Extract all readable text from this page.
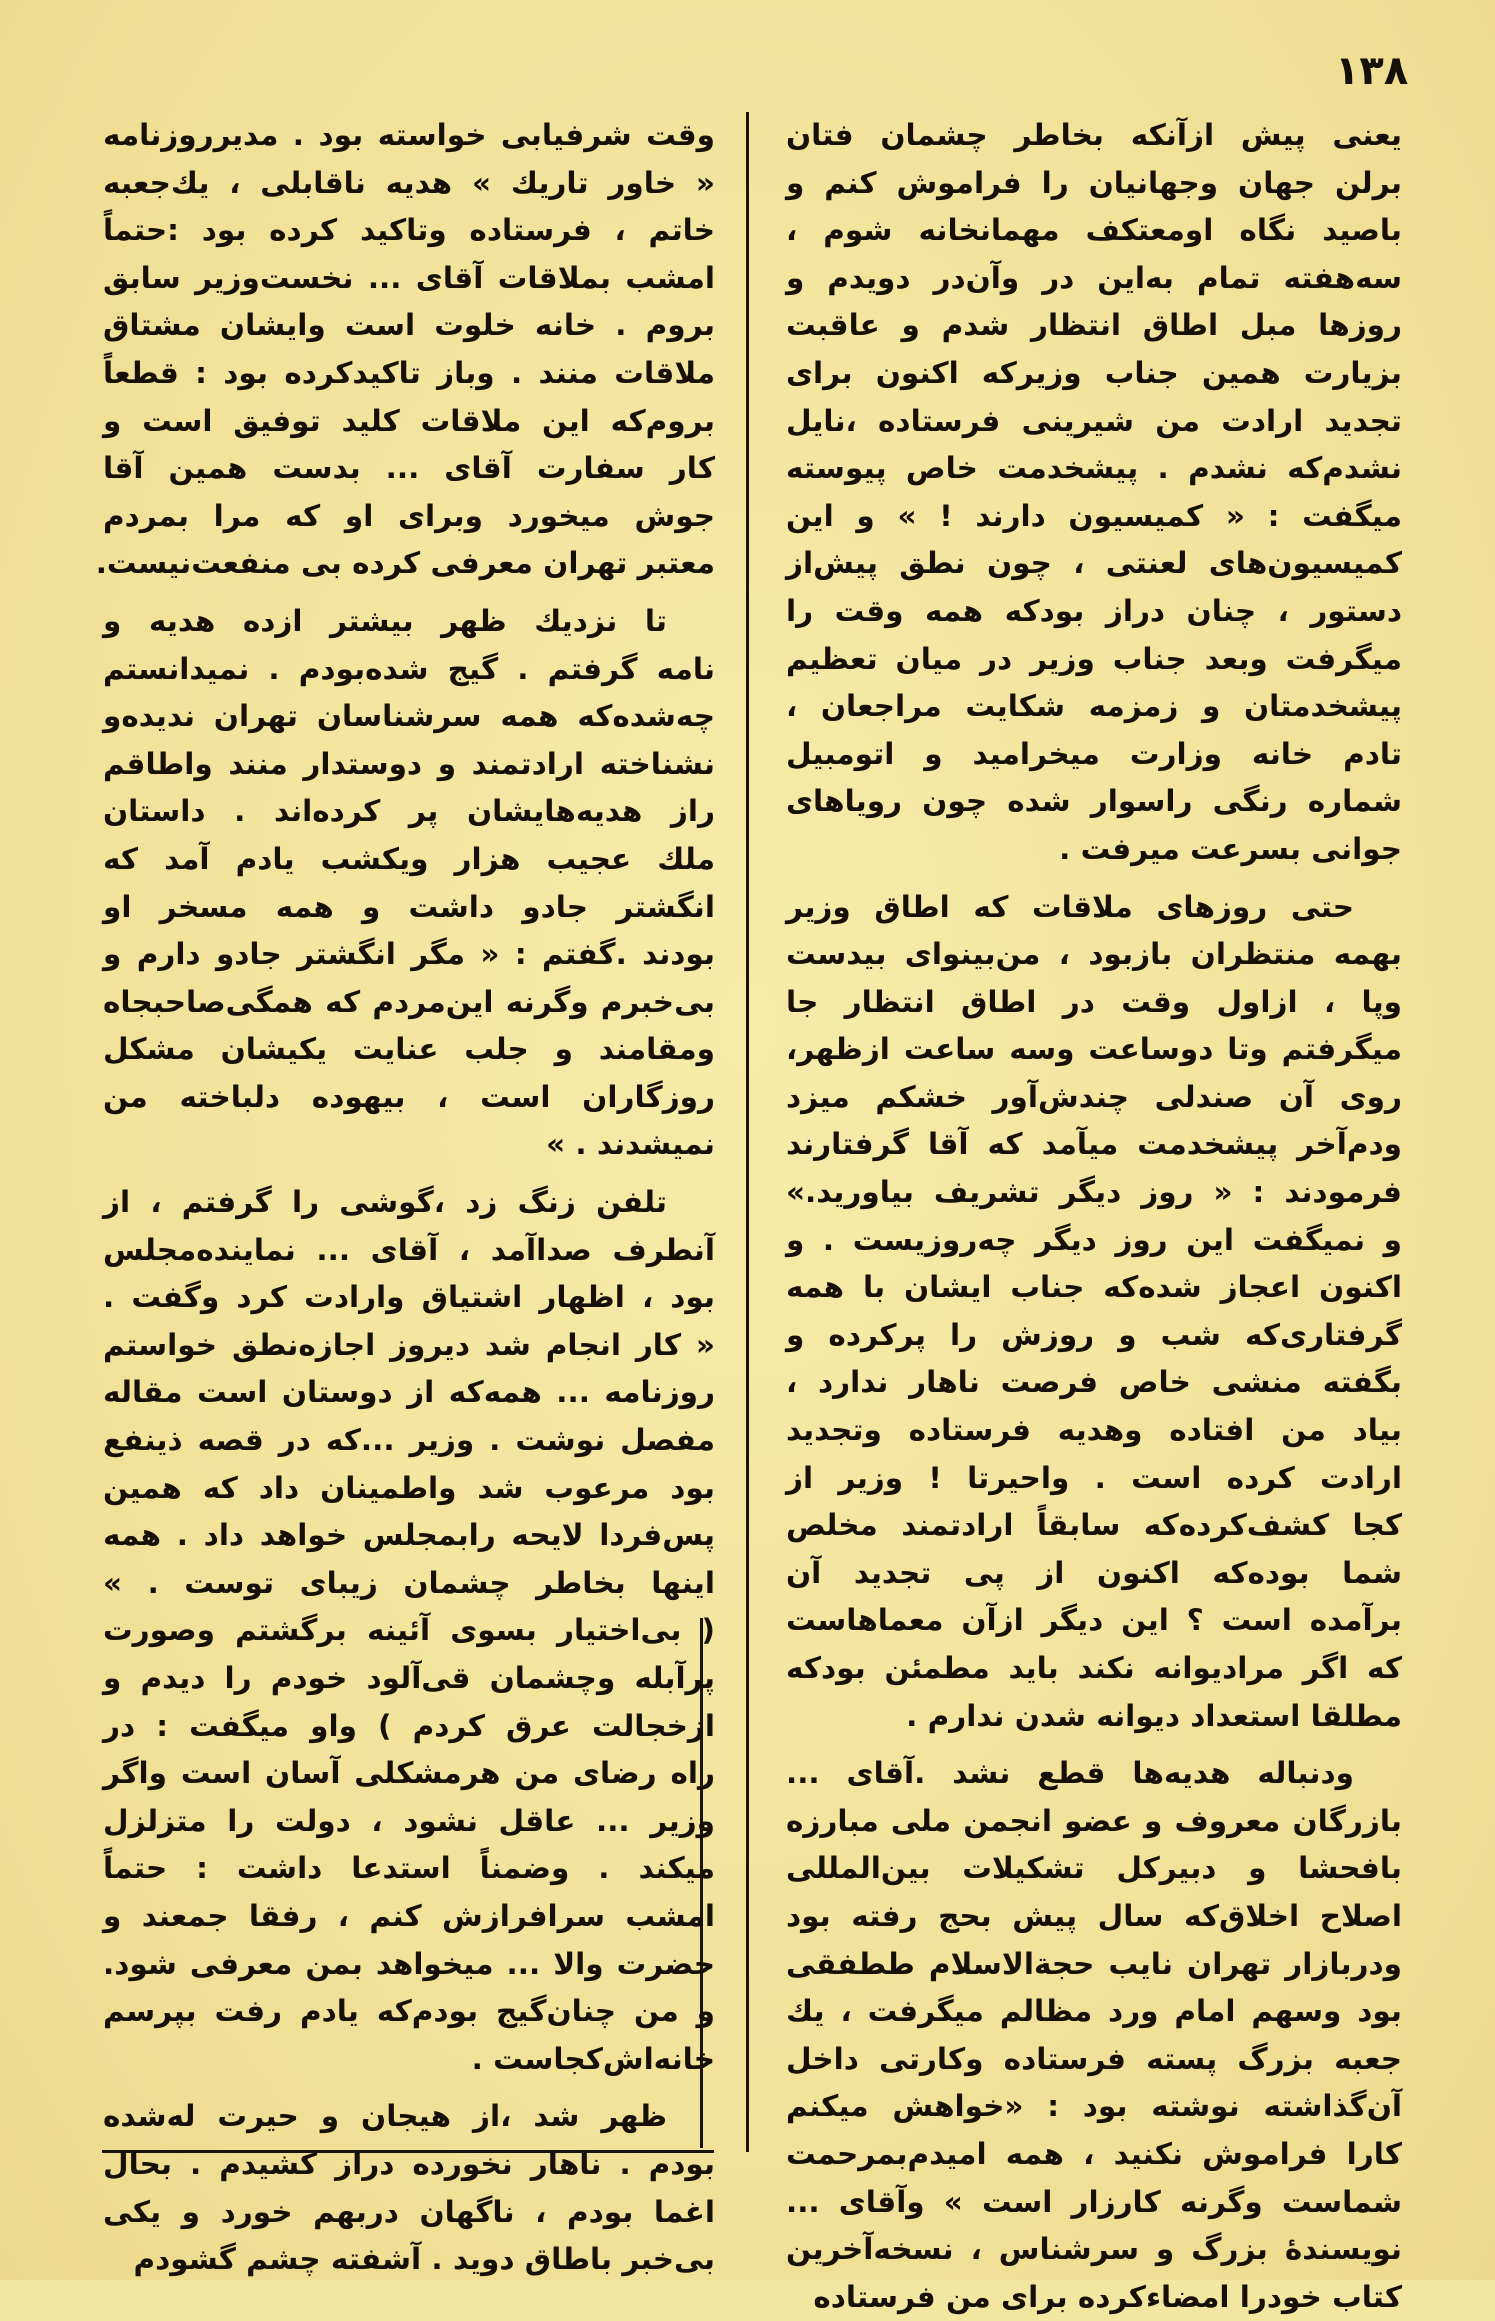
۱۳۸

یعنی پیش ازآنکه بخاطر چشمان فتان

برلن جهان وجهانیان را فراموش کنم و

باصید نگاه اومعتکف مهمانخانه شوم ،

سه‌هفته تمام به‌این در وآن‌در دویدم و

روزها مبل اطاق انتظار شدم و عاقبت

بزیارت همین جناب وزیرکه اکنون برای

تجدید ارادت من شیرینی فرستاده ،نایل

نشدم‌که نشدم . پیشخدمت خاص پیوسته

میگفت : « کمیسیون دارند ! » و این

کمیسیون‌های لعنتی ، چون نطق پیش‌از

دستور ، چنان دراز بودکه همه وقت را

میگرفت وبعد جناب وزیر در میان تعظیم

پیشخدمتان و زمزمه شکایت مراجعان ،

تادم خانه وزارت میخرامید و اتومبیل

شماره رنگی راسوار شده چون رویاهای

جوانی بسرعت میرفت .

حتی روزهای ملاقات که اطاق وزیر

بهمه منتظران بازبود ، من‌بینوای بیدست

وپا ، ازاول وقت در اطاق انتظار جا

میگرفتم وتا دوساعت وسه ساعت ازظهر،

روی آن صندلی چندش‌آور خشکم میزد

ودم‌آخر پیشخدمت میآمد که آقا گرفتارند

فرمودند : « روز دیگر تشریف بیاورید.»

و نمیگفت این روز دیگر چه‌روزیست . و

اکنون اعجاز شده‌که جناب ایشان با همه

گرفتاری‌که شب و روزش را پرکرده و

بگفته منشی خاص فرصت ناهار ندارد ،

بیاد من افتاده وهدیه فرستاده وتجدید

ارادت کرده است . واحیرتا ! وزیر از

کجا کشف‌کرده‌که سابقاً ارادتمند مخلص

شما بوده‌که اکنون از پی تجدید آن

برآمده است ؟ این دیگر ازآن معماهاست

که اگر مرادیوانه نکند باید مطمئن بودکه

مطلقا استعداد دیوانه شدن ندارم .

ودنباله هدیه‌ها قطع نشد .آقای ...

بازرگان معروف و عضو انجمن ملی مبارزه

بافحشا و دبیرکل تشکیلات بین‌المللی

اصلاح اخلاق‌که سال پیش بحج رفته بود

ودربازار تهران نایب حجةالاسلام ططفقی

بود وسهم امام ورد مظالم میگرفت ، یك

جعبه بزرگ پسته فرستاده وکارتی داخل

آن‌گذاشته نوشته بود : «خواهش میکنم

کارا فراموش نکنید ، همه امیدم‌بمرحمت

شماست وگرنه کارزار است » وآقای ...

نویسندهٔ بزرگ و سرشناس ، نسخه‌آخرین

کتاب خودرا امضاءکرده برای من فرستاده

وقت شرفیابی خواسته بود . مدیرروزنامه

« خاور تاریك » هدیه ناقابلی ، یك‌جعبه

خاتم ، فرستاده وتاکید کرده بود :حتماً

امشب بملاقات آقای ... نخست‌وزیر سابق

بروم . خانه خلوت است وایشان مشتاق

ملاقات منند . وباز تاکیدکرده بود : قطعاً

بروم‌که این ملاقات کلید توفیق است و

کار سفارت آقای ... بدست همین آقا

جوش میخورد وبرای او که مرا بمردم

معتبر تهران معرفی کرده بی منفعت‌نیست.

تا نزدیك ظهر بیشتر ازده هدیه و

نامه گرفتم . گیج شده‌بودم . نمیدانستم

چه‌شده‌که همه سرشناسان تهران ندیده‌و

نشناخته ارادتمند و دوستدار منند واطاقم

راز هدیه‌هایشان پر کرده‌اند . داستان

ملك عجیب هزار ویکشب یادم آمد که

انگشتر جادو داشت و همه مسخر او

بودند .گفتم : « مگر انگشتر جادو دارم و

بی‌خبرم وگرنه این‌مردم که همگی‌صاحبجاه

ومقامند و جلب عنایت یکیشان مشکل

روزگاران است ، بیهوده دلباخته من

نمیشدند . »

تلفن زنگ زد ،گوشی را گرفتم ، از

آنطرف صداآمد ، آقای ... نماینده‌مجلس

بود ، اظهار اشتیاق وارادت کرد وگفت .

« کار انجام شد دیروز اجازه‌نطق خواستم

روزنامه ... همه‌که از دوستان است مقاله

مفصل نوشت . وزیر ...که در قصه ذینفع

بود مرعوب شد واطمینان داد که همین

پس‌فردا لایحه رابمجلس خواهد داد . همه

اینها بخاطر چشمان زیبای توست . »

( بی‌اختیار بسوی آئینه برگشتم وصورت

پرآبله وچشمان قی‌آلود خودم را دیدم و

ازخجالت عرق کردم ) واو میگفت : در

راه رضای من هرمشکلی آسان است واگر

وزیر ... عاقل نشود ، دولت را متزلزل

میکند . وضمناً استدعا داشت : حتماً

امشب سرافرازش کنم ، رفقا جمعند و

حضرت والا ... میخواهد بمن معرفی شود.

و من چنان‌گیج بودم‌که یادم رفت بپرسم

خانه‌اش‌کجاست .

ظهر شد ،از هیجان و حیرت له‌شده

بودم . ناهار نخورده دراز کشیدم . بحال

اغما بودم ، ناگهان دربهم خورد و یکی

بی‌خبر باطاق دوید . آشفته چشم گشودم
